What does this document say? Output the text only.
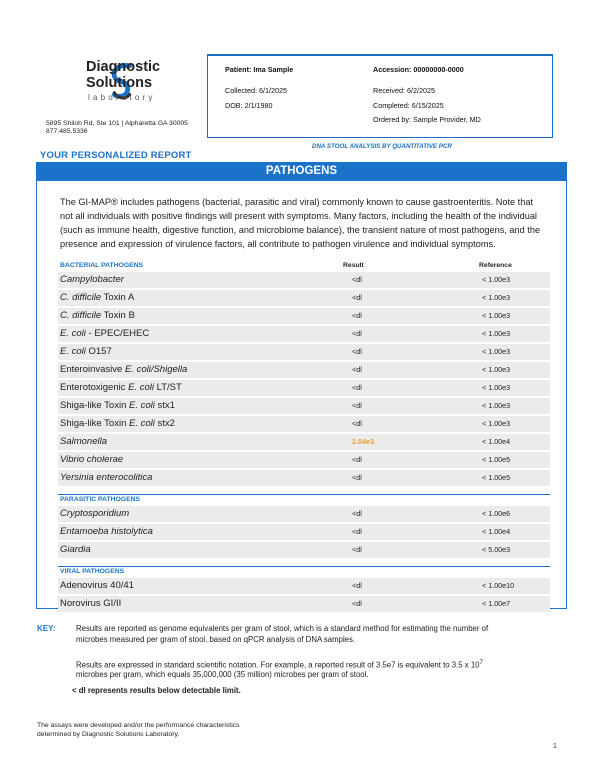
Diagnostic
Solutions
laboratory
5895 Shiloh Rd, Ste 101 | Alpharetta GA 30005
877.485.5336
Patient: Ima Sample	Accession: 00000000-0000
Collected: 6/1/2025	Received: 6/2/2025
DOB: 2/1/1980	Completed: 6/15/2025
Ordered by: Sample Provider, MD
DNA STOOL ANALYSIS BY QUANTITATIVE PCR
YOUR PERSONALIZED REPORT
PATHOGENS
The GI-MAP® includes pathogens (bacterial, parasitic and viral) commonly known to cause gastroenteritis. Note that
not all individuals with positive findings will present with symptoms. Many factors, including the health of the individual
(such as immune health, digestive function, and microbiome balance), the transient nature of most pathogens, and the
presence and expression of virulence factors, all contribute to pathogen virulence and individual symptoms.
BACTERIAL PATHOGENS	Result	Reference
Campylobacter	<dl	< 1.00e3
C. difficile Toxin A	<dl	< 1.00e3
C. difficile Toxin B	<dl	< 1.00e3
E. coli - EPEC/EHEC	<dl	< 1.00e3
E. coli O157	<dl	< 1.00e3
Enteroinvasive E. coli/Shigella	<dl	< 1.00e3
Enterotoxigenic E. coli LT/ST	<dl	< 1.00e3
Shiga-like Toxin E. coli stx1	<dl	< 1.00e3
Shiga-like Toxin E. coli stx2	<dl	< 1.00e3
Salmonella	2.04e3	< 1.00e4
Vibrio cholerae	<dl	< 1.00e5
Yersinia enterocolitica	<dl	< 1.00e5
PARASITIC PATHOGENS
Cryptosporidium	<dl	< 1.00e6
Entamoeba histolytica	<dl	< 1.00e4
Giardia	<dl	< 5.00e3
VIRAL PATHOGENS
Adenovirus 40/41	<dl	< 1.00e10
Norovirus GI/II	<dl	< 1.00e7
KEY:	Results are reported as genome equivalents per gram of stool, which is a standard method for estimating the number of
microbes measured per gram of stool, based on qPCR analysis of DNA samples.
Results are expressed in standard scientific notation. For example, a reported result of 3.5e7 is equivalent to 3.5 x $10^7$
microbes per gram, which equals 35,000,000 (35 million) microbes per gram of stool.
< dl represents results below detectable limit.
The assays were developed and/or the performance characteristics
determined by Diagnostic Solutions Laboratory.
1
